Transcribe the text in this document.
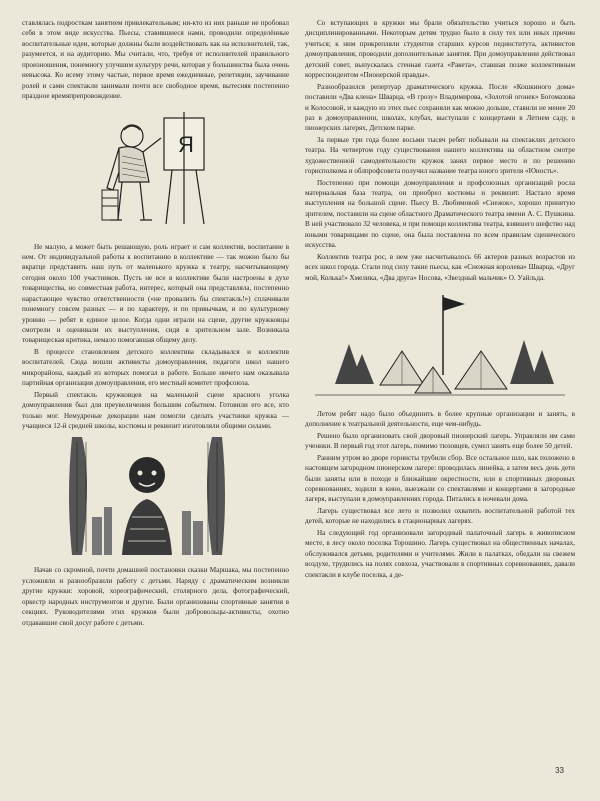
ставлялась подросткам занятием привлекательным; ни-кто из них раньше не пробовал себя в этом виде искусства. Пьесы, ставившиеся нами, проводили определённые воспитательные идеи, которые должны были воздействовать как на исполнителей, так, разумеется, и на аудиторию. Мы считали, что, требуя от исполнителей правильного произношения, понемногу улучшим культуру речи, которая у большинства была очень невысока. Ко всему этому частые, первое время ежедневные, репетиции, заучивание ролей и сами спектакли занимали почти все свободное время, вытесняя постепенно праздное времяпрепровождение.

Я

Не малую, а может быть решающую, роль играет и сам коллектив, воспитание в нем. От индивидуальной работы к воспитанию в коллективе — так можно было бы вкратце представить наш путь от маленького кружка к театру, насчитывающему сегодня около 100 участников. Пусть не все в коллективе были настроены в духе товарищества, но совместная работа, интерес, который она представляла, постепенно нарастающее чувство ответственности («не провалить бы спектакль!») сплачивали понемногу совсем разных — и по характеру, и по привычкам, и по культурному уровню — ребят в единое целое. Когда одни играли на сцене, другие кружковцы смотрели и оценивали их выступления, сидя в зрительном зале. Возникала товарищеская критика, немало помогавшая общему делу.

В процессе становления детского коллектива складывался и коллектив воспитателей. Сюда вошли активисты домоуправления, педагоги школ нашего микрорайона, каждый из которых помогал в работе. Больше ничего нам оказывала партийная организация домоуправления, его местный комитет профсоюза.

Первый спектакль кружковцев на маленькой сцене красного уголка домоуправления был для преувеличения большим событием. Готовили его все, кто только мог. Немудреные декорации нам помогли сделать участники кружка — учащиеся 12-й средней школы, костюмы и реквизит изготовляли общими силами.

Начав со скромной, почти домашней постановки сказки Маршака, мы постепенно усложняли и разнообразили работу с детьми. Наряду с драматическим возникли другие кружки: хоровой, хореографический, столярного дела, фотографический, оркестр народных инструментов и другие. Были организованы спортивные занятия в секциях. Руководителями этих кружков были добровольцы-активисты, охотно отдававшие свой досуг работе с детьми.

Со вступающих в кружки мы брали обязательство учиться хорошо и быть дисциплинированными. Некоторым детям трудно было в силу тех или иных причин учиться; к ним прикрепляли студентов старших курсов пединститута, активистов домоуправления, проводили дополнительные занятия. При домоуправлении действовал детский совет, выпускалась стенная газета «Ракета», ставшая позже коллективным корреспондентом «Пионерской правды».

Разнообразился репертуар драматического кружка. После «Кошкиного дома» поставили «Два клена» Шварца, «В грозу» Владимирова, «Золотой огонек» Богомазова и Колосовой, и каждую из этих пьес сохраняли как можно дольше, ставили не менее 20 раз в домоуправлении, школах, клубах, выступали с концертами в Летнем саду, в пионерских лагерях, Детском парке.

За первые три года более восьми тысяч ребят побывали на спектаклях детского театра. На четвертом году существования нашего коллектива на областном смотре художественной самодеятельности кружок занял первое место и по решению горисполкома и облпрофсовета получил название театра юного зрителя «Юность».

Постепенно при помощи домоуправления и профсоюзных организаций росла материальная база театра, он приобрел костюмы и реквизит. Настало время выступления на большой сцене. Пьесу В. Любимовой «Снежок», хорошо принятую зрителем, поставили на сцене областного Драматического театра имени А. С. Пушкина. В ней участвовало 32 человека, и при помощи коллектива театра, взявшего шефство над юными товарищами по сцене, она была поставлена по всем правилам сценического искусства.

Коллектив театра рос, в нем уже насчитывалось 66 актеров разных возрастов из всех школ города. Стали под силу такие пьесы, как «Снежная королева» Шварца, «Друг мой, Колька!» Хмелика, «Два друга» Носова, «Звездный мальчик» О. Уайльда.

Летом ребят надо было объединить в более крупные организации и занять, в дополнение к театральной деятельности, еще чем-нибудь.

Решено было организовать свой дворовый пионерский лагерь. Управляли им сами ученики. В первый год этот лагерь, помимо тюзовцев, сумел занять еще более 50 детей.

Ранним утром во дворе горнисты трубили сбор. Все остальное шло, как положено в настоящем загородном пионерском лагере: проводилась линейка, а затем весь день дети были заняты или в походе в ближайшие окрестности, или в спортивных дворовых соревнованиях, ходили в кино, выезжали со спектаклями и концертами в загородные лагеря, выступали в домоуправлениях города. Питались в ночевали дома.

Лагерь существовал все лето и позволил охватить воспитательной работой тех детей, которые не находились в стационарных лагерях.

На следующий год организовали загородный палаточный лагерь в живописном месте, в лесу около поселка Торошино. Лагерь существовал на общественных началах, обслуживался детьми, родителями и учителями. Жили в палатках, обедали на свежем воздухе, трудились на полях совхоза, участвовали в спортивных соревнованиях, давали спектакли в клубе поселка, а де-

33
